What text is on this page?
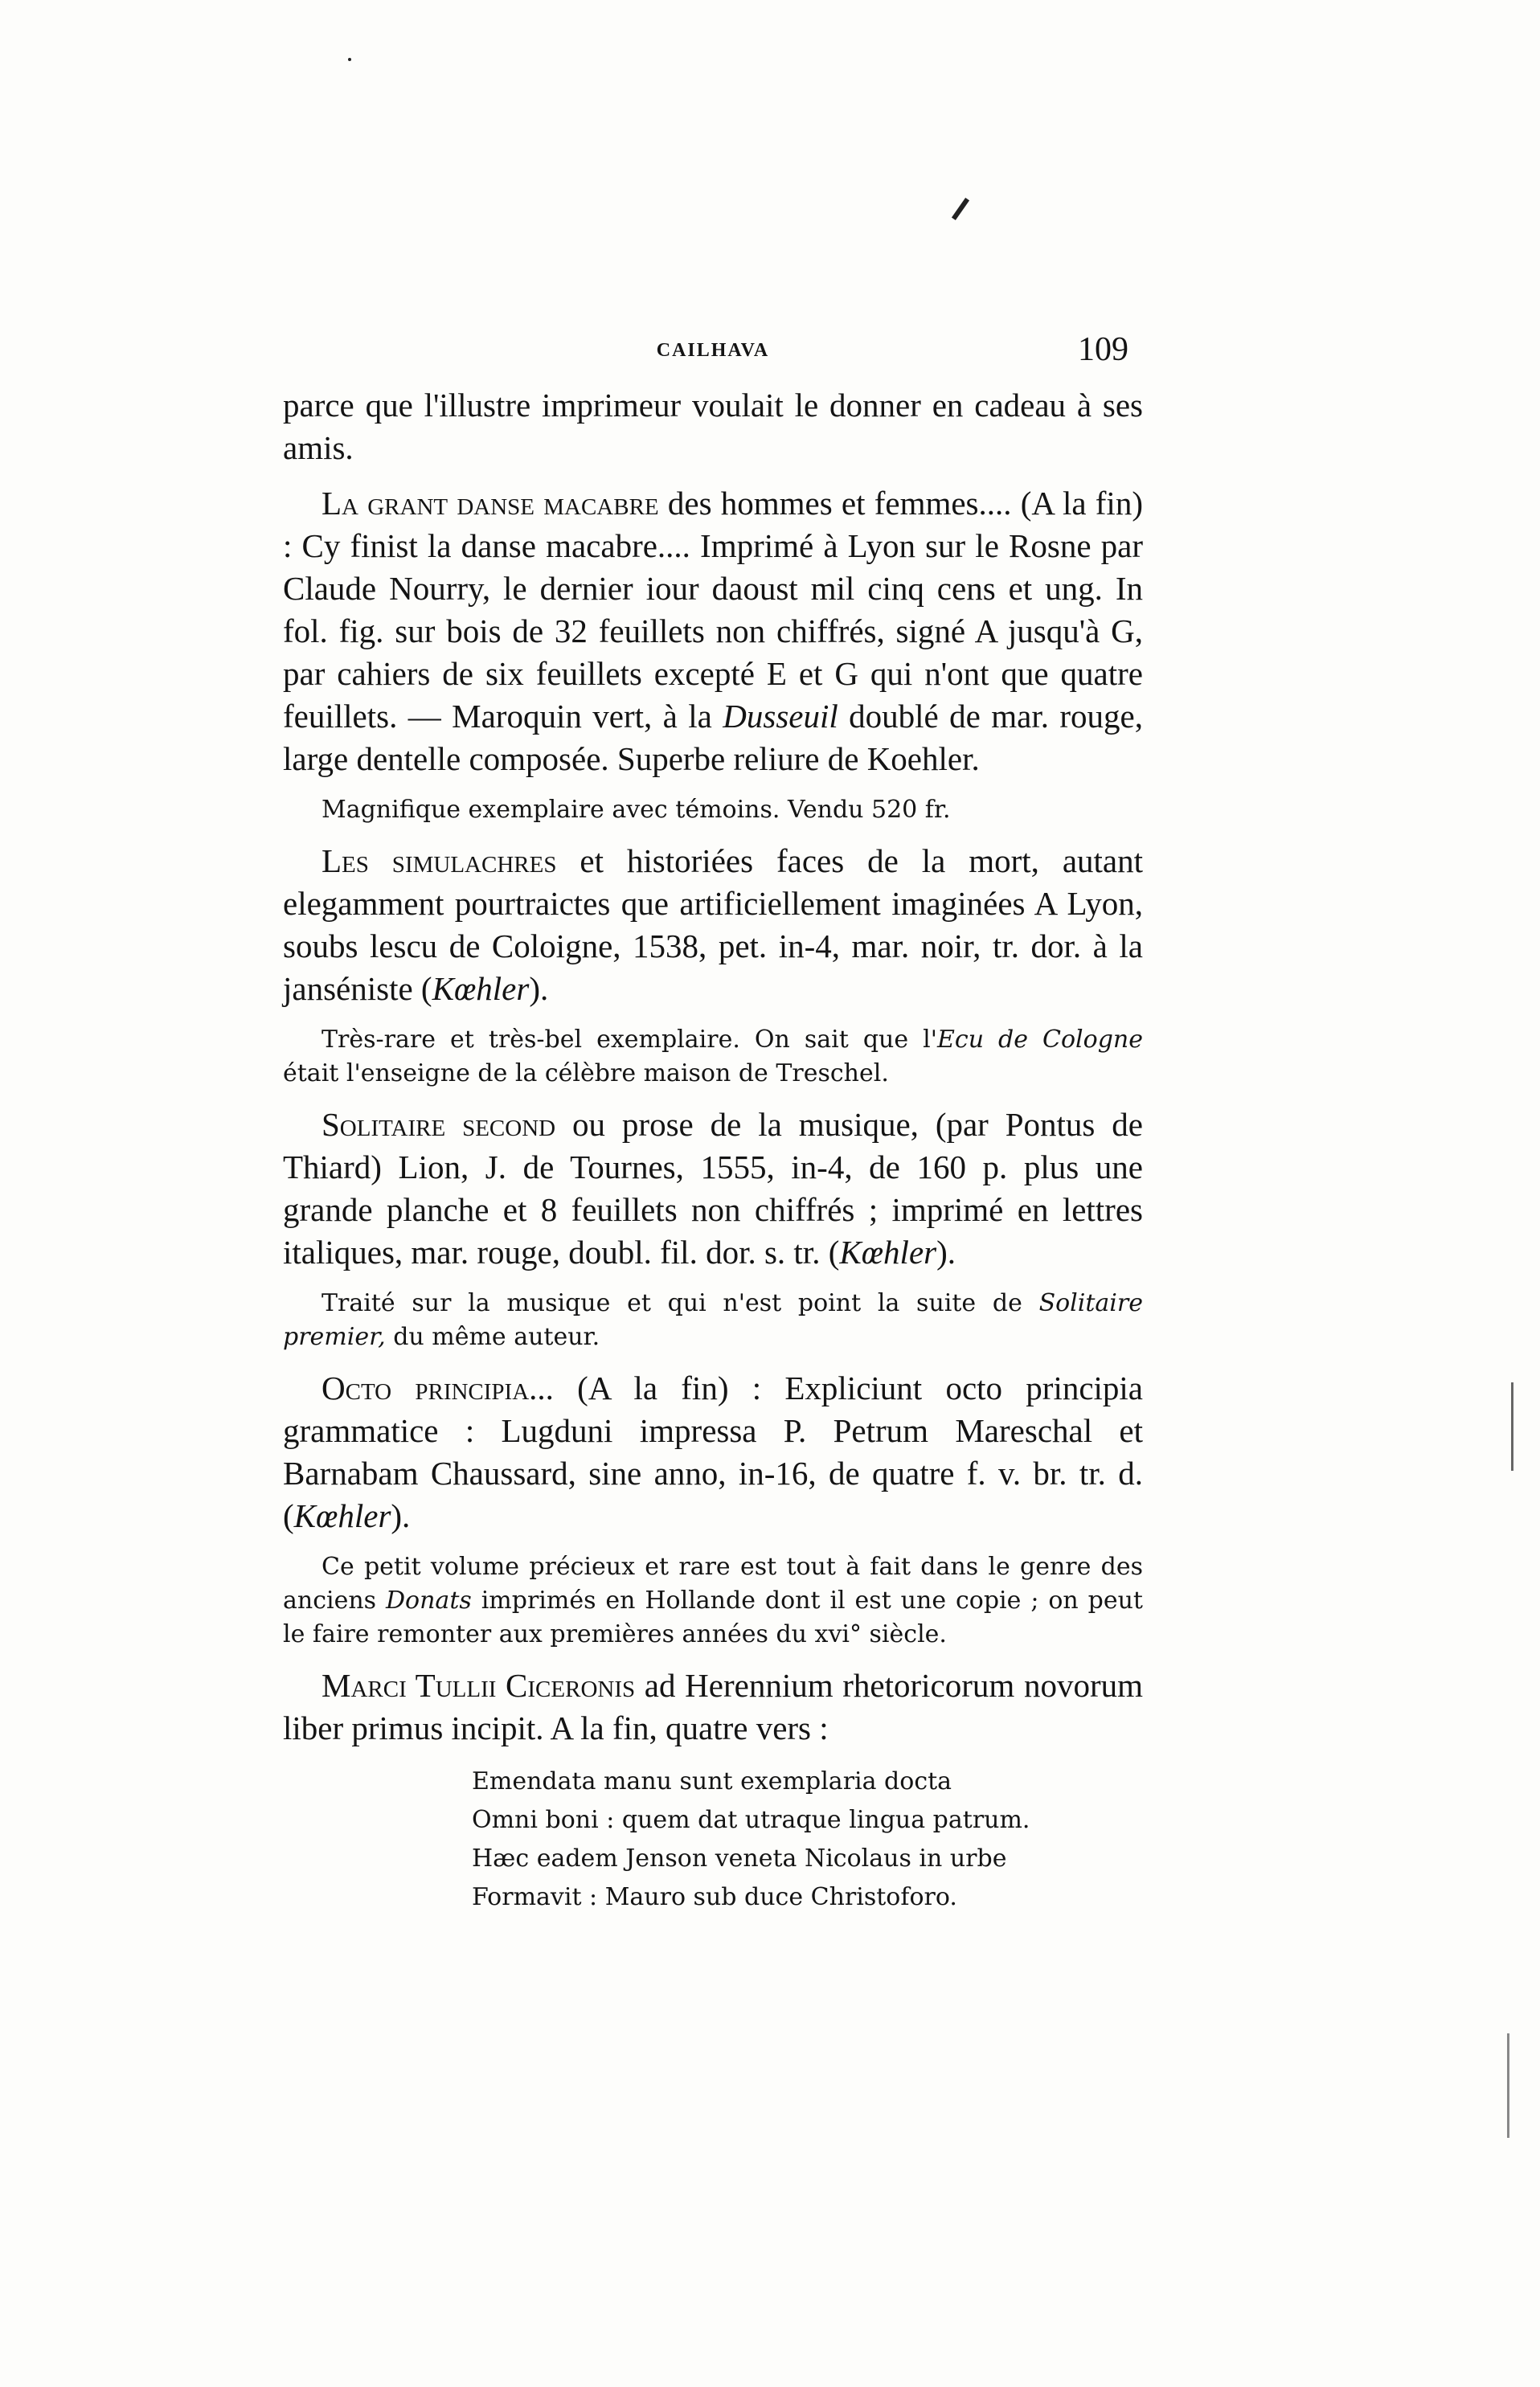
CAILHAVA	109

parce que l'illustre imprimeur voulait le donner en cadeau à ses amis.

La grant danse macabre des hommes et femmes.... (A la fin) : Cy finist la danse macabre.... Imprimé à Lyon sur le Rosne par Claude Nourry, le dernier iour daoust mil cinq cens et ung. In fol. fig. sur bois de 32 feuillets non chiffrés, signé A jusqu'à G, par cahiers de six feuillets excepté E et G qui n'ont que quatre feuillets. — Maroquin vert, à la Dusseuil doublé de mar. rouge, large dentelle composée. Superbe reliure de Koehler.

Magnifique exemplaire avec témoins. Vendu 520 fr.

Les simulachres et historiées faces de la mort, autant elegamment pourtraictes que artificiellement imaginées A Lyon, soubs lescu de Coloigne, 1538, pet. in-4, mar. noir, tr. dor. à la janséniste (Kœhler).

Très-rare et très-bel exemplaire. On sait que l'Ecu de Cologne était l'enseigne de la célèbre maison de Treschel.

Solitaire second ou prose de la musique, (par Pontus de Thiard) Lion, J. de Tournes, 1555, in-4, de 160 p. plus une grande planche et 8 feuillets non chiffrés ; imprimé en lettres italiques, mar. rouge, doubl. fil. dor. s. tr. (Kœhler).

Traité sur la musique et qui n'est point la suite de Solitaire premier, du même auteur.

Octo principia... (A la fin) : Expliciunt octo principia grammatice : Lugduni impressa P. Petrum Mareschal et Barnabam Chaussard, sine anno, in-16, de quatre f. v. br. tr. d. (Kœhler).

Ce petit volume précieux et rare est tout à fait dans le genre des anciens Donats imprimés en Hollande dont il est une copie ; on peut le faire remonter aux premières années du xvi° siècle.

Marci Tullii Ciceronis ad Herennium rhetoricorum novorum liber primus incipit. A la fin, quatre vers :

Emendata manu sunt exemplaria docta
Omni boni : quem dat utraque lingua patrum.
Hæc eadem Jenson veneta Nicolaus in urbe
Formavit : Mauro sub duce Christoforo.
